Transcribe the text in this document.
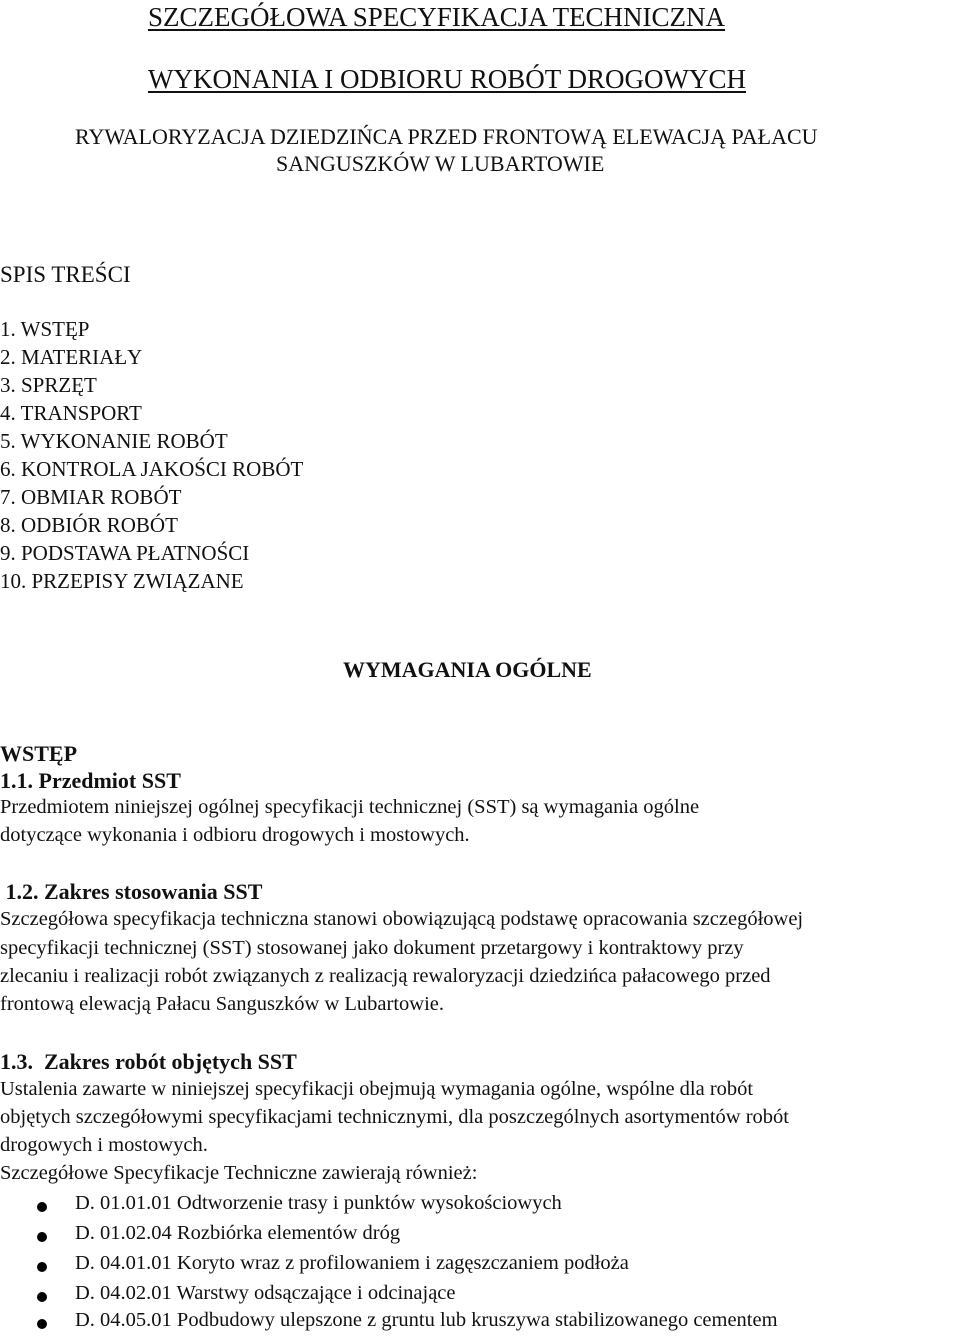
SZCZEGÓŁOWA SPECYFIKACJA TECHNICZNA
WYKONANIA I ODBIORU ROBÓT DROGOWYCH
RYWALORYZACJA DZIEDZIŃCA PRZED FRONTOWĄ ELEWACJĄ PAŁACU
SANGUSZKÓW W LUBARTOWIE
SPIS TREŚCI
1. WSTĘP
2. MATERIAŁY
3. SPRZĘT
4. TRANSPORT
5. WYKONANIE ROBÓT
6. KONTROLA JAKOŚCI ROBÓT
7. OBMIAR ROBÓT
8. ODBIÓR ROBÓT
9. PODSTAWA PŁATNOŚCI
10. PRZEPISY ZWIĄZANE
WYMAGANIA OGÓLNE
WSTĘP
1.1. Przedmiot SST
Przedmiotem niniejszej ogólnej specyfikacji technicznej (SST) są wymagania ogólne
dotyczące wykonania i odbioru drogowych i mostowych.
1.2. Zakres stosowania SST
Szczegółowa specyfikacja techniczna stanowi obowiązującą podstawę opracowania szczegółowej
specyfikacji technicznej (SST) stosowanej jako dokument przetargowy i kontraktowy przy
zlecaniu i realizacji robót związanych z realizacją rewaloryzacji dziedzińca pałacowego przed
frontową elewacją Pałacu Sanguszków w Lubartowie.
1.3.  Zakres robót objętych SST
Ustalenia zawarte w niniejszej specyfikacji obejmują wymagania ogólne, wspólne dla robót
objętych szczegółowymi specyfikacjami technicznymi, dla poszczególnych asortymentów robót
drogowych i mostowych.
Szczegółowe Specyfikacje Techniczne zawierają również:
D. 01.01.01 Odtworzenie trasy i punktów wysokościowych
D. 01.02.04 Rozbiórka elementów dróg
D. 04.01.01 Koryto wraz z profilowaniem i zagęszczaniem podłoża
D. 04.02.01 Warstwy odsączające i odcinające
D. 04.05.01 Podbudowy ulepszone z gruntu lub kruszywa stabilizowanego cementem
